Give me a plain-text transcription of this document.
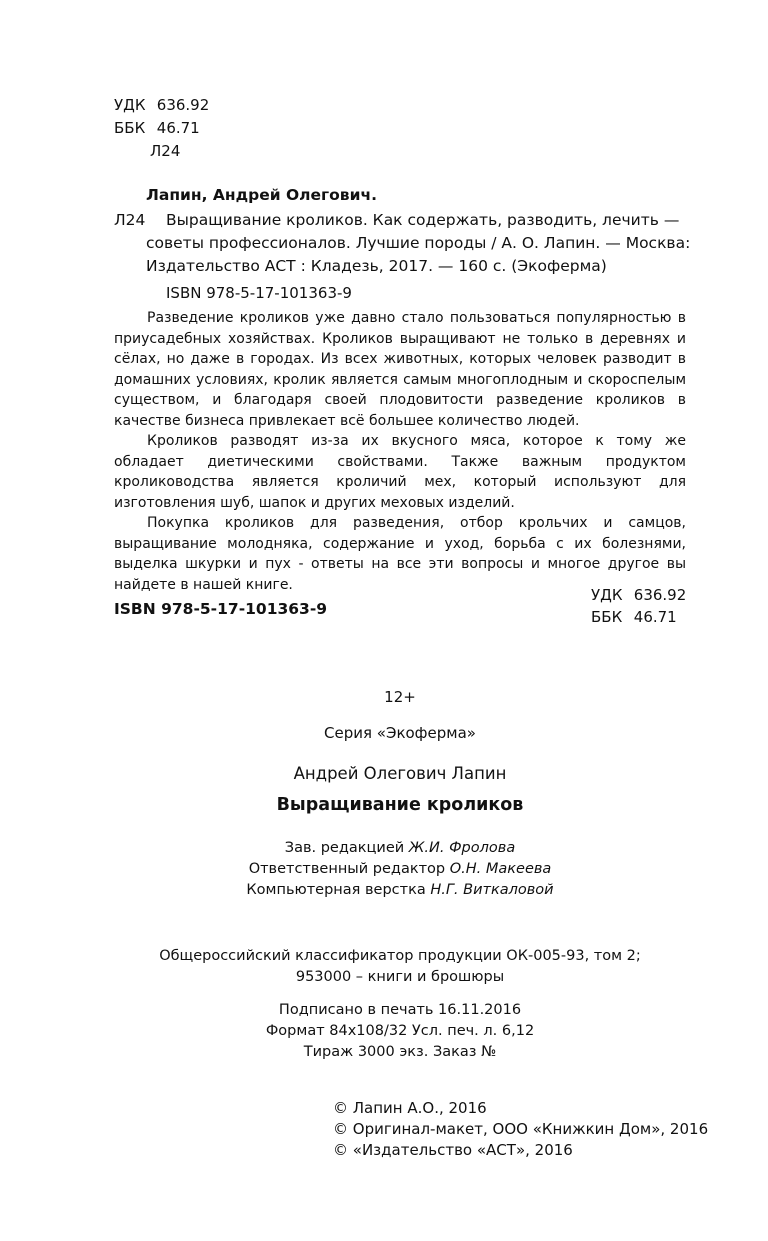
УДК 636.92
ББК 46.71
Л24
Лапин, Андрей Олегович.
Л24 Выращивание кроликов. Как содержать, разводить, лечить —
советы профессионалов. Лучшие породы / А. О. Лапин. — Москва:
Издательство АСТ : Кладезь, 2017. — 160 с. (Экоферма)
ISBN 978-5-17-101363-9

Разведение кроликов уже давно стало пользоваться популярностью в приусадебных хозяйствах. Кроликов выращивают не только в деревнях и сёлах, но даже в городах. Из всех животных, которых человек разводит в домашних условиях, кролик является самым многоплодным и скороспелым существом, и благодаря своей плодовитости разведение кроликов в качестве бизнеса привлекает всё большее количество людей.

Кроликов разводят из-за их вкусного мяса, которое к тому же обладает диетическими свойствами. Также важным продуктом кролиководства является кроличий мех, который используют для изготовления шуб, шапок и других меховых изделий.

Покупка кроликов для разведения, отбор крольчих и самцов, выращивание молодняка, содержание и уход, борьба с их болезнями, выделка шкурки и пух - ответы на все эти вопросы и многое другое вы найдете в нашей книге.

ISBN 978-5-17-101363-9
УДК 636.92
ББК 46.71
12+
Серия «Экоферма»
Андрей Олегович Лапин
Выращивание кроликов
Зав. редакцией Ж.И. Фролова
Ответственный редактор О.Н. Макеева
Компьютерная верстка Н.Г. Виткаловой
Общероссийский классификатор продукции ОК-005-93, том 2;
953000 – книги и брошюры
Подписано в печать 16.11.2016
Формат 84x108/32 Усл. печ. л. 6,12
Тираж 3000 экз. Заказ №
© Лапин А.О., 2016
© Оригинал-макет, ООО «Книжкин Дом», 2016
© «Издательство «АСТ», 2016
